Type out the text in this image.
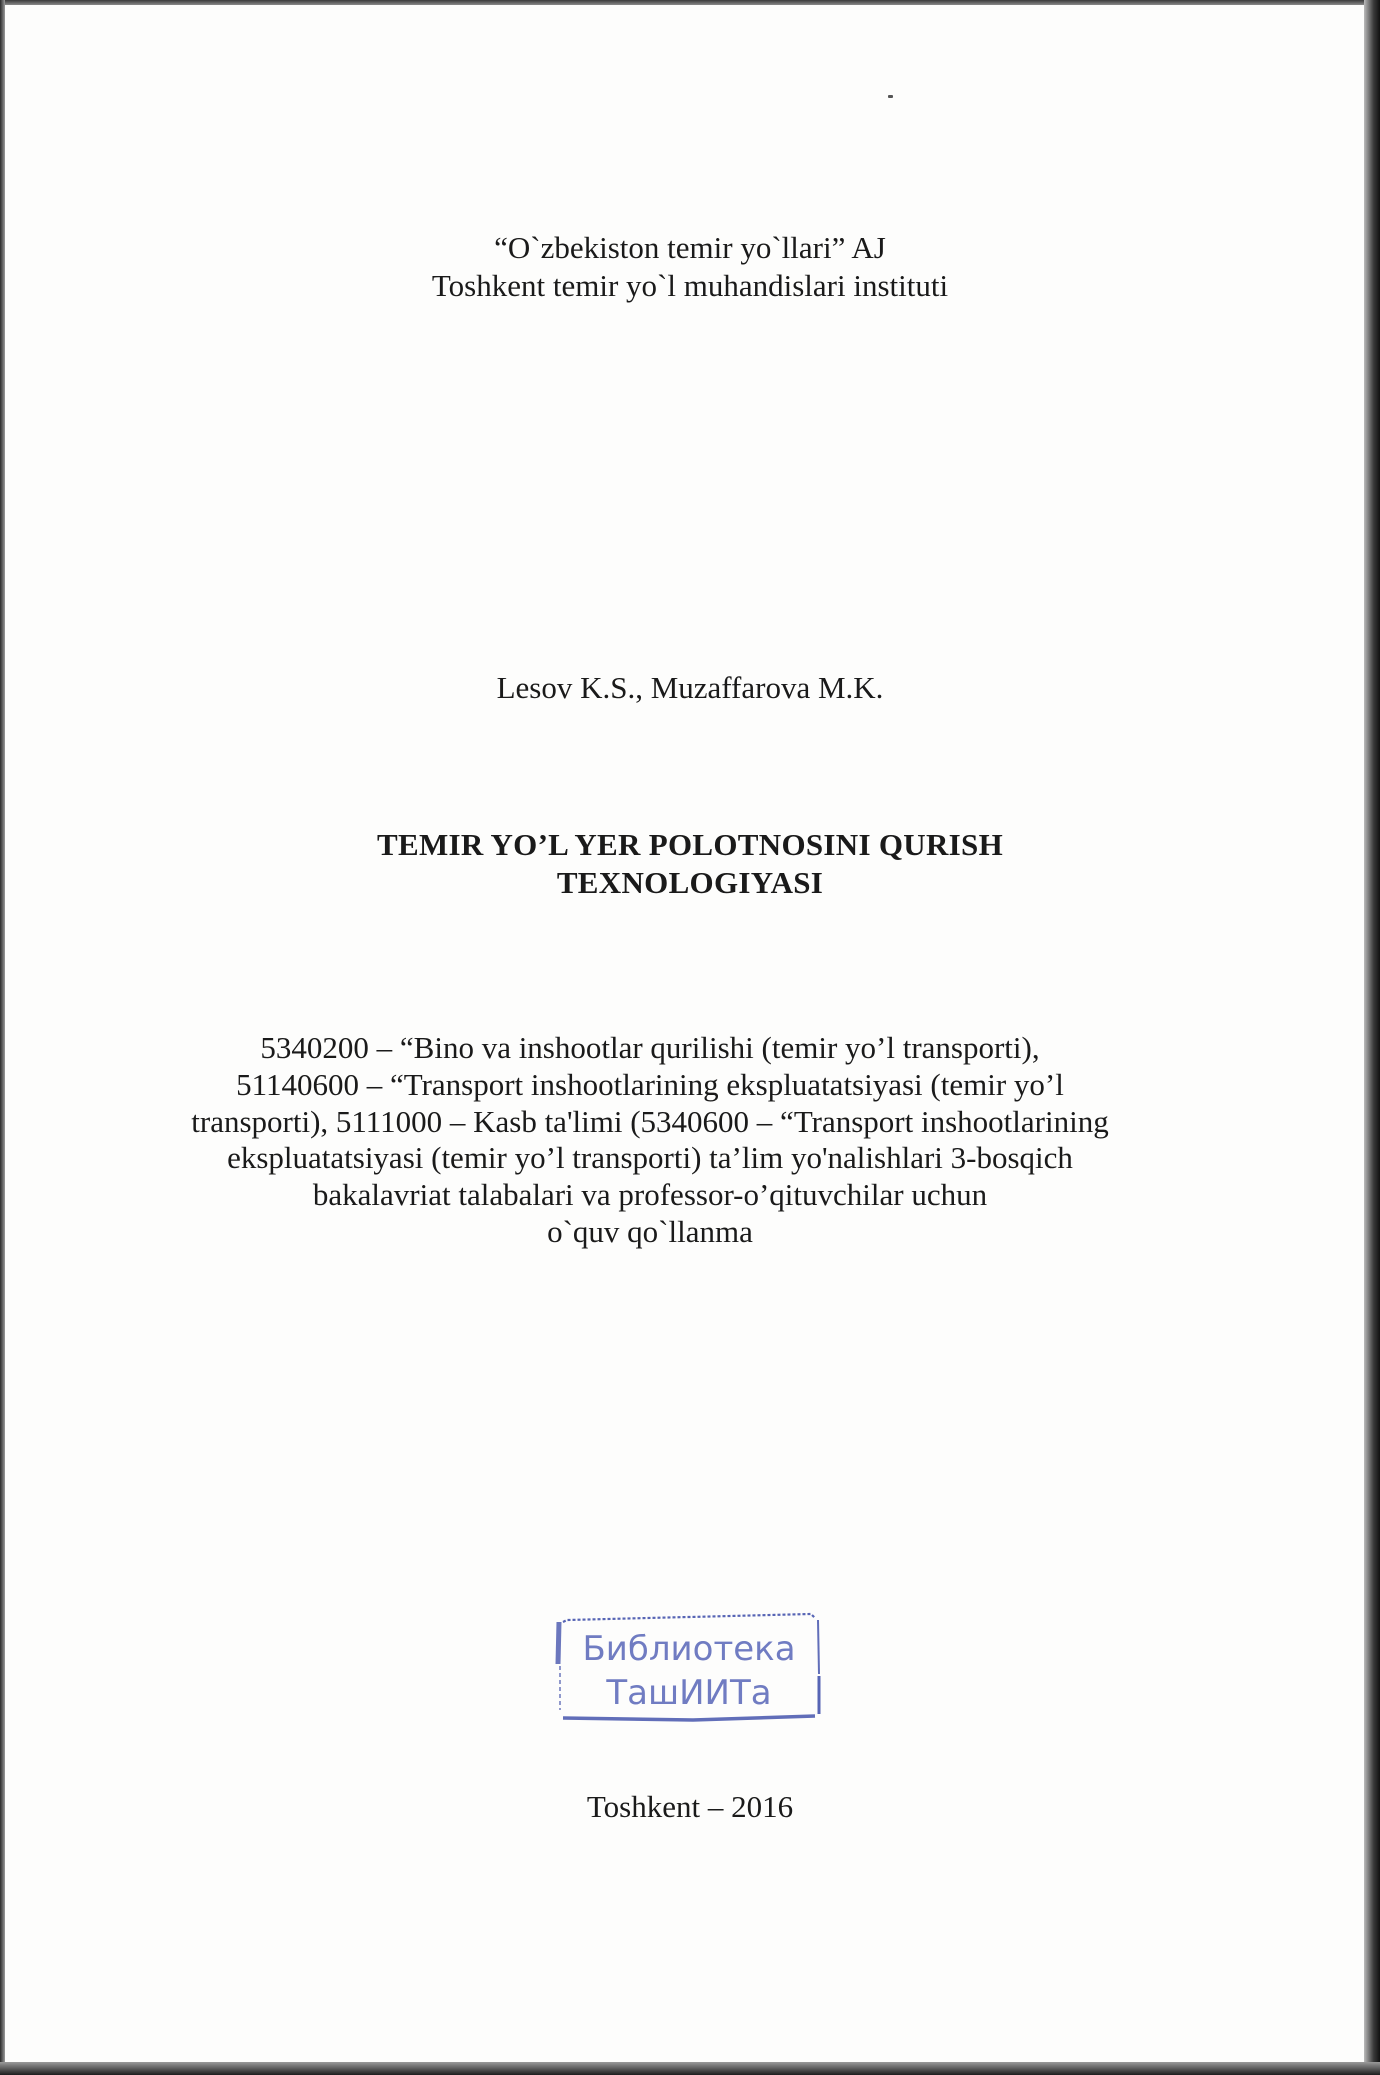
“O`zbekiston temir yo`llari” AJ
Toshkent temir yo`l muhandislari instituti
Lesov K.S., Muzaffarova M.K.
TEMIR YO’L YER POLOTNOSINI QURISH
TEXNOLOGIYASI
5340200 – “Bino va inshootlar qurilishi (temir yo’l transporti),
51140600 – “Transport inshootlarining ekspluatatsiyasi (temir yo’l
transporti), 5111000 – Kasb ta'limi (5340600 – “Transport inshootlarining
ekspluatatsiyasi (temir yo’l transporti) ta’lim yo'nalishlari 3-bosqich
bakalavriat talabalari va professor-o’qituvchilar uchun
o`quv qo`llanma
Библиотека
ТашИИТа
Toshkent – 2016
